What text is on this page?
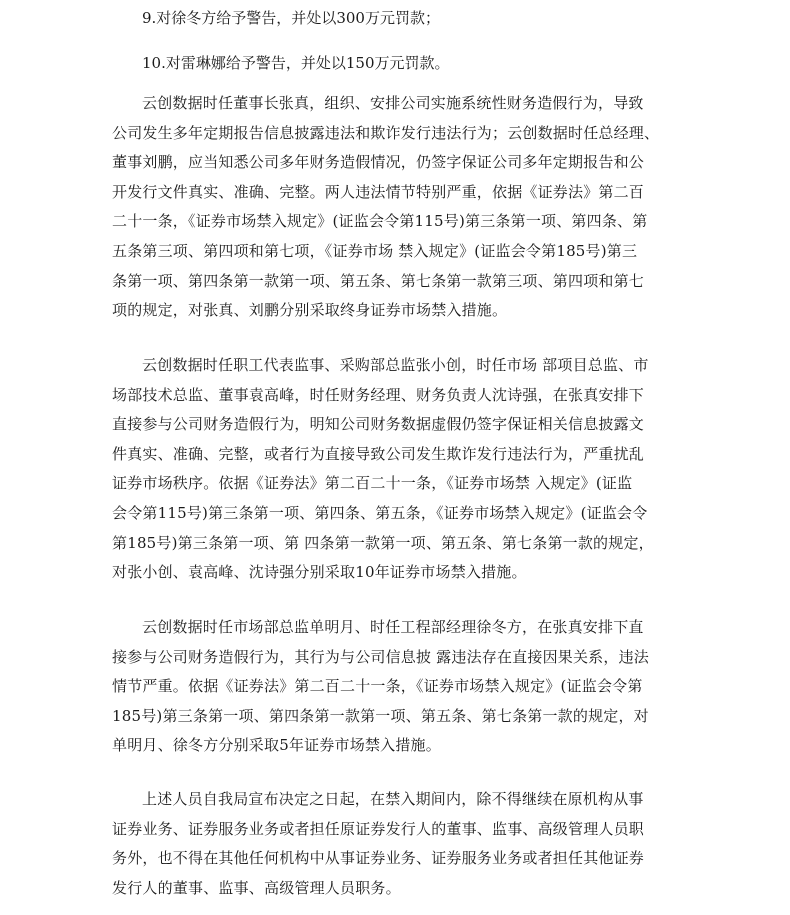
9.对徐冬方给予警告，并处以300万元罚款；
10.对雷琳娜给予警告，并处以150万元罚款。
云创数据时任董事长张真，组织、安排公司实施系统性财务造假行为，导致
公司发生多年定期报告信息披露违法和欺诈发行违法行为；云创数据时任总经理、
董事刘鹏，应当知悉公司多年财务造假情况，仍签字保证公司多年定期报告和公
开发行文件真实、准确、完整。两人违法情节特别严重，依据《证券法》第二百
二十一条，《证券市场禁入规定》(证监会令第115号)第三条第一项、第四条、第
五条第三项、第四项和第七项，《证券市场 禁入规定》(证监会令第185号)第三
条第一项、第四条第一款第一项、第五条、第七条第一款第三项、第四项和第七
项的规定，对张真、刘鹏分别采取终身证券市场禁入措施。
云创数据时任职工代表监事、采购部总监张小创，时任市场 部项目总监、市
场部技术总监、董事袁高峰，时任财务经理、财务负责人沈诗强，在张真安排下
直接参与公司财务造假行为，明知公司财务数据虚假仍签字保证相关信息披露文
件真实、准确、完整，或者行为直接导致公司发生欺诈发行违法行为，严重扰乱
证券市场秩序。依据《证券法》第二百二十一条，《证券市场禁 入规定》(证监
会令第115号)第三条第一项、第四条、第五条，《证券市场禁入规定》(证监会令
第185号)第三条第一项、第 四条第一款第一项、第五条、第七条第一款的规定，
对张小创、袁高峰、沈诗强分别采取10年证券市场禁入措施。
云创数据时任市场部总监单明月、时任工程部经理徐冬方，在张真安排下直
接参与公司财务造假行为，其行为与公司信息披 露违法存在直接因果关系，违法
情节严重。依据《证券法》第二百二十一条，《证券市场禁入规定》(证监会令第
185号)第三条第一项、第四条第一款第一项、第五条、第七条第一款的规定，对
单明月、徐冬方分别采取5年证券市场禁入措施。
上述人员自我局宣布决定之日起，在禁入期间内，除不得继续在原机构从事
证券业务、证券服务业务或者担任原证券发行人的董事、监事、高级管理人员职
务外，也不得在其他任何机构中从事证券业务、证券服务业务或者担任其他证券
发行人的董事、监事、高级管理人员职务。
